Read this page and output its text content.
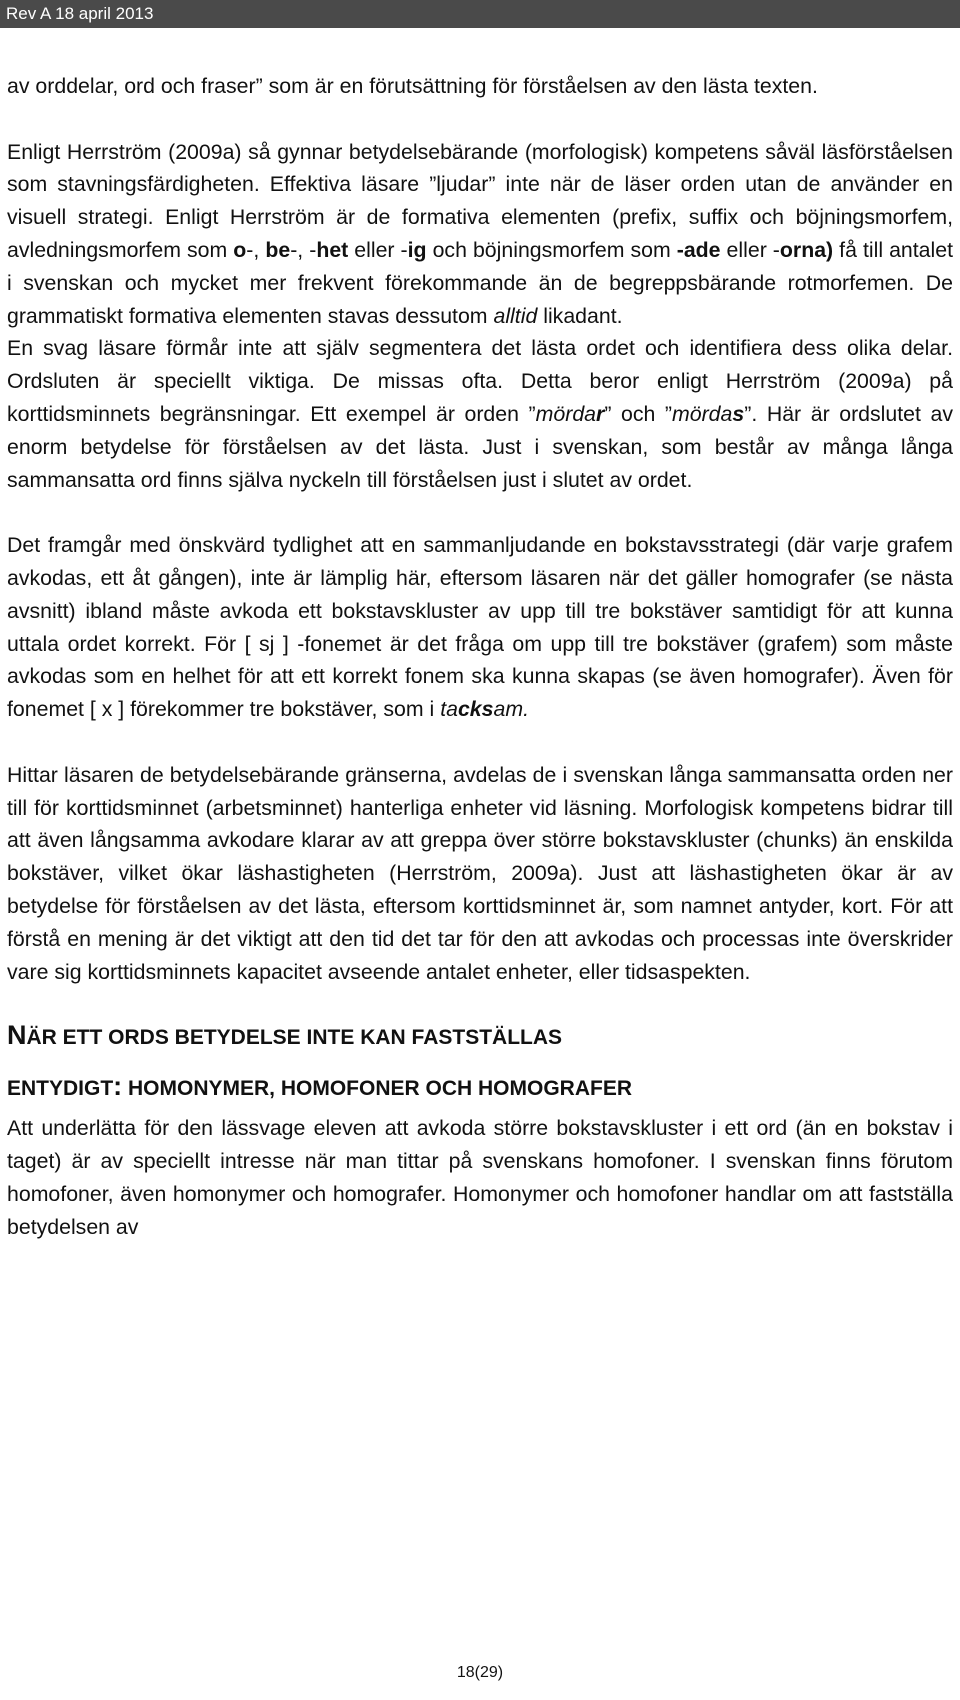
Rev A 18 april 2013

av orddelar, ord och fraser” som är en förutsättning för förståelsen av den lästa texten.

Enligt Herrström (2009a) så gynnar betydelsebärande (morfologisk) kompetens såväl läsförståelsen som stavningsfärdigheten. Effektiva läsare ”ljudar” inte när de läser orden utan de använder en visuell strategi. Enligt Herrström är de formativa elementen (prefix, suffix och böjningsmorfem, avledningsmorfem som o-, be-, -het eller -ig och böjningsmorfem som -ade eller -orna) få till antalet i svenskan och mycket mer frekvent förekommande än de begreppsbärande rotmorfemen. De grammatiskt formativa elementen stavas dessutom alltid likadant.

En svag läsare förmår inte att själv segmentera det lästa ordet och identifiera dess olika delar. Ordsluten är speciellt viktiga. De missas ofta. Detta beror enligt Herrström (2009a) på korttidsminnets begränsningar. Ett exempel är orden ”mördar” och ”mördas”. Här är ordslutet av enorm betydelse för förståelsen av det lästa. Just i svenskan, som består av många långa sammansatta ord finns själva nyckeln till förståelsen just i slutet av ordet.

Det framgår med önskvärd tydlighet att en sammanljudande en bokstavsstrategi (där varje grafem avkodas, ett åt gången), inte är lämplig här, eftersom läsaren när det gäller homografer (se nästa avsnitt) ibland måste avkoda ett bokstavskluster av upp till tre bokstäver samtidigt för att kunna uttala ordet korrekt. För [ sj ] -fonemet är det fråga om upp till tre bokstäver (grafem) som måste avkodas som en helhet för att ett korrekt fonem ska kunna skapas (se även homografer). Även för fonemet [ x ] förekommer tre bokstäver, som i tacksam.

Hittar läsaren de betydelsebärande gränserna, avdelas de i svenskan långa sammansatta orden ner till för korttidsminnet (arbetsminnet) hanterliga enheter vid läsning. Morfologisk kompetens bidrar till att även långsamma avkodare klarar av att greppa över större bokstavskluster (chunks) än enskilda bokstäver, vilket ökar läshastigheten (Herrström, 2009a). Just att läshastigheten ökar är av betydelse för förståelsen av det lästa, eftersom korttidsminnet är, som namnet antyder, kort. För att förstå en mening är det viktigt att den tid det tar för den att avkodas och processas inte överskrider vare sig korttidsminnets kapacitet avseende antalet enheter, eller tidsaspekten.

NÄR ETT ORDS BETYDELSE INTE KAN FASTSTÄLLAS
ENTYDIGT: HOMONYMER, HOMOFONER OCH HOMOGRAFER

Att underlätta för den lässvage eleven att avkoda större bokstavskluster i ett ord (än en bokstav i taget) är av speciellt intresse när man tittar på svenskans homofoner. I svenskan finns förutom homofoner, även homonymer och homografer. Homonymer och homofoner handlar om att fastställa betydelsen av

18(29)
